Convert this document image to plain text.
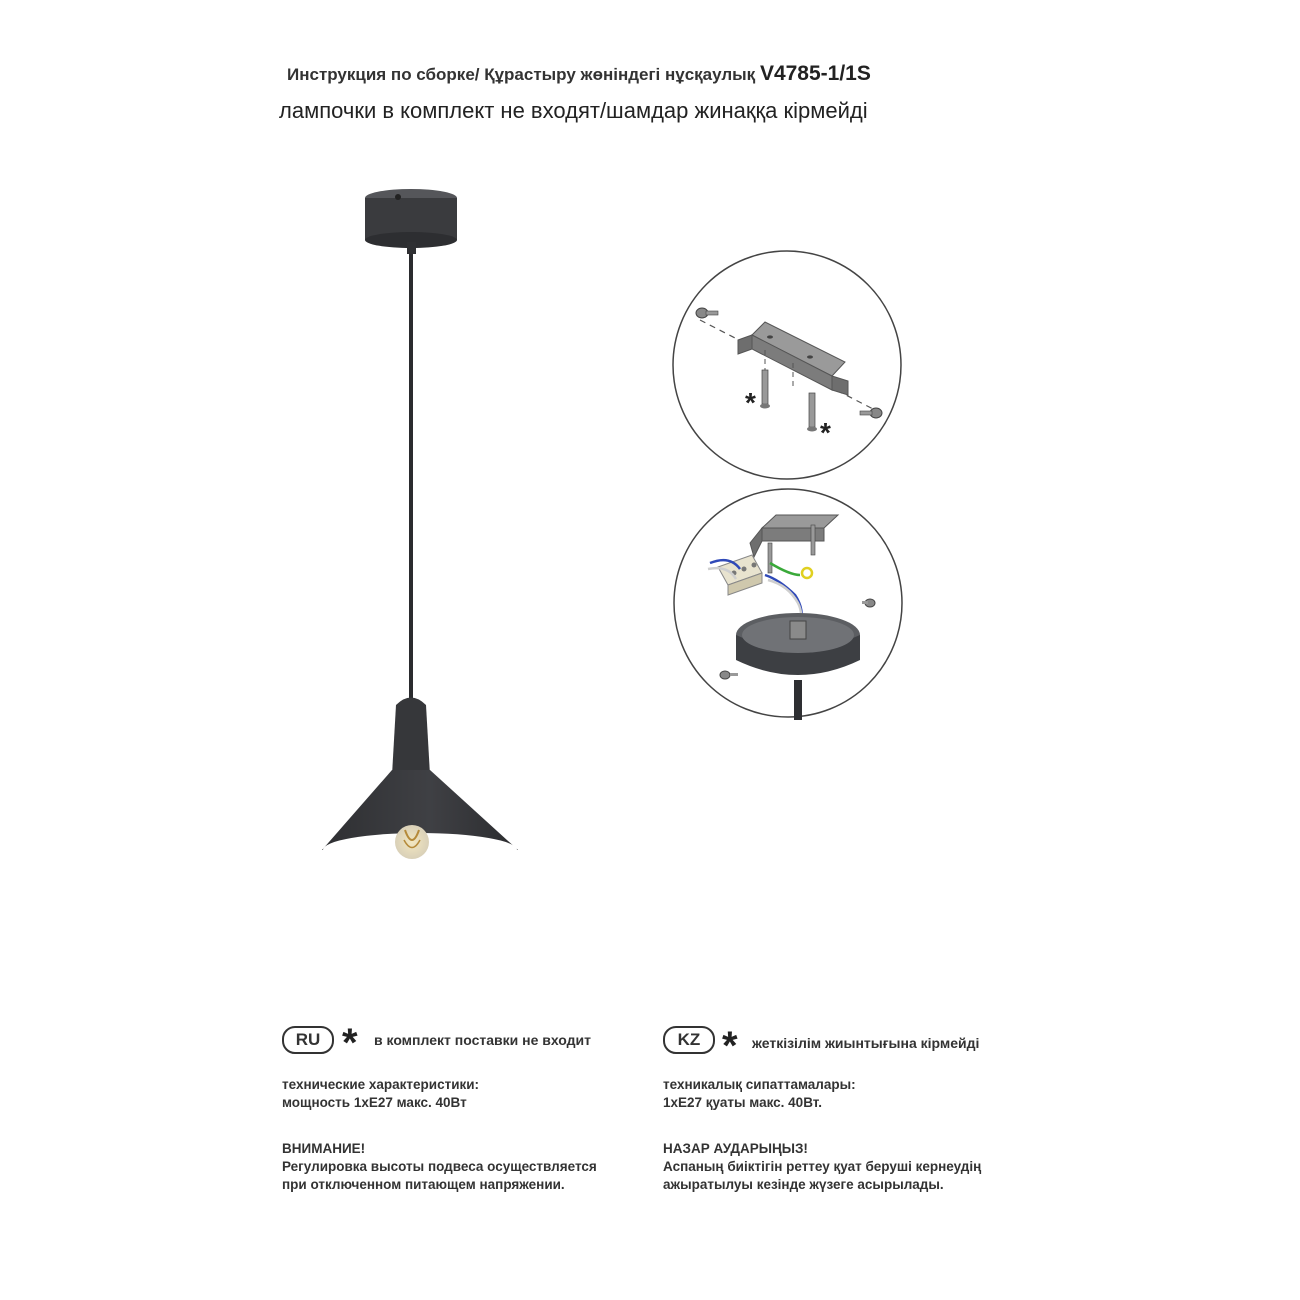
Инструкция по сборке/ Құрастыру жөніндегі нұсқаулық V4785-1/1S
лампочки в комплект не входят/шамдар жинаққа кірмейді
*
*
RU * в комплект поставки не входит
технические характеристики:
мощность 1хЕ27 макс. 40Вт
ВНИМАНИЕ!
Регулировка высоты подвеса осуществляется
при отключенном питающем напряжении.
KZ * жеткізілім жиынтығына кірмейді
техникалық сипаттамалары:
1хЕ27 қуаты макс. 40Вт.
НАЗАР АУДАРЫҢЫЗ!
Аспаның биіктігін реттеу қуат беруші кернеудің
ажыратылуы кезінде жүзеге асырылады.
